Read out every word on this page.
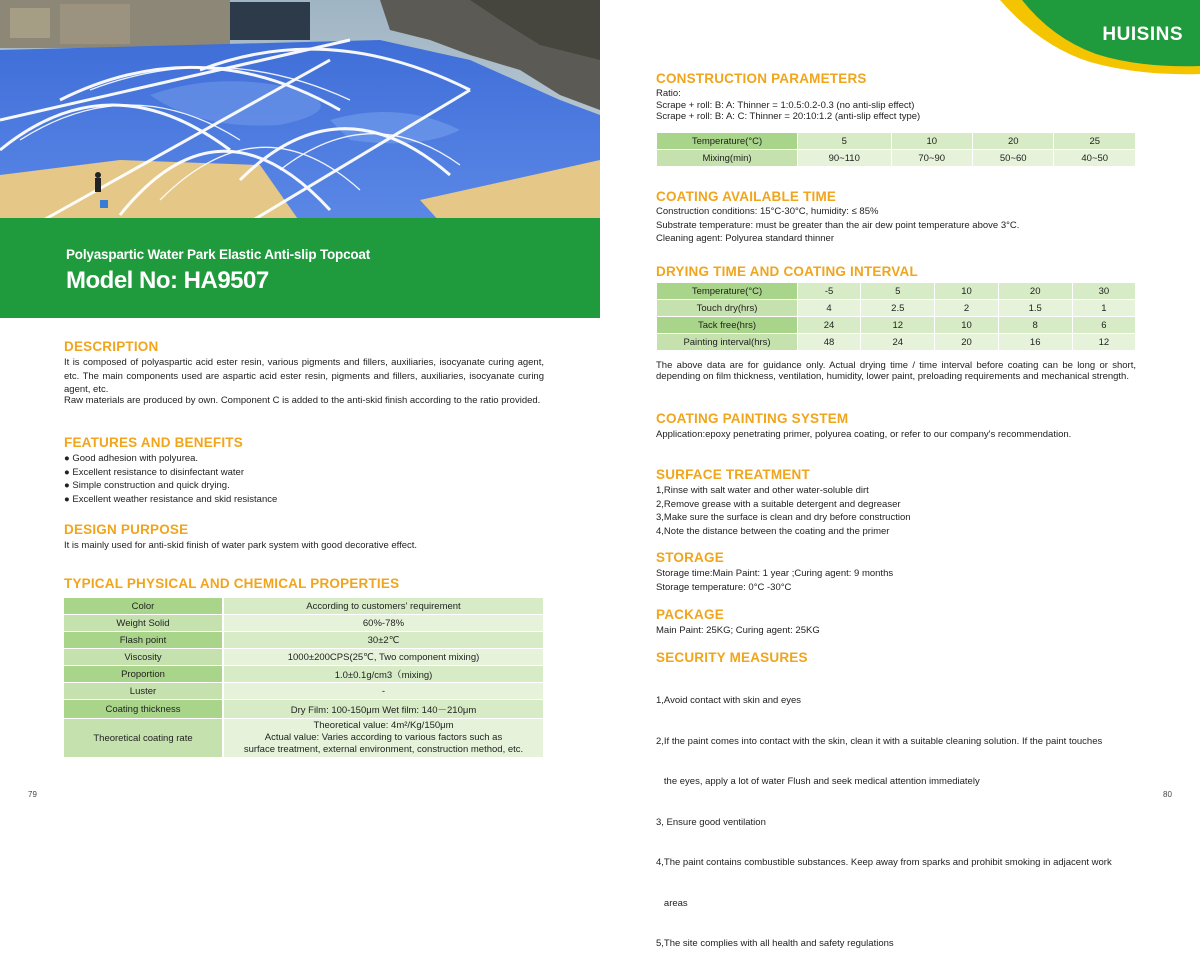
Polyaspartic Water Park Elastic Anti-slip Topcoat
Model No: HA9507
DESCRIPTION
It is composed of polyaspartic acid ester resin, various pigments and fillers, auxiliaries, isocyanate curing agent, etc. The main components used are aspartic acid ester resin, pigments and fillers, auxiliaries, isocyanate curing agent, etc.
Raw materials are produced by own. Component C is added to the anti-skid finish according to the ratio provided.
FEATURES AND BENEFITS
● Good adhesion with polyurea.
● Excellent resistance to disinfectant water
● Simple construction and quick drying.
● Excellent weather resistance and skid resistance
DESIGN PURPOSE
It is mainly used for anti-skid finish of water park system with good decorative effect.
TYPICAL PHYSICAL AND CHEMICAL PROPERTIES
Color	According to customers' requirement
Weight Solid	60%-78%
Flash point	30±2℃
Viscosity	1000±200CPS(25℃, Two component mixing)
Proportion	1.0±0.1g/cm3（mixing)
Luster	-
Coating thickness	Dry Film: 100-150μm Wet film: 140－210μm
Theoretical coating rate	Theoretical value: 4m²/Kg/150μm
Actual value: Varies according to various factors such as
surface treatment, external environment, construction method, etc.
79
HUISINS
CONSTRUCTION PARAMETERS
Ratio:
Scrape + roll: B: A: Thinner = 1:0.5:0.2-0.3 (no anti-slip effect)
Scrape + roll: B: A: C: Thinner = 20:10:1.2 (anti-slip effect type)
Temperature(°C)	5	10	20	25
Mixing(min)	90~110	70~90	50~60	40~50
COATING AVAILABLE TIME
Construction conditions: 15°C-30°C, humidity: ≤ 85%
Substrate temperature: must be greater than the air dew point temperature above 3°C.
Cleaning agent: Polyurea standard thinner
DRYING TIME AND COATING INTERVAL
Temperature(°C)	-5	5	10	20	30
Touch dry(hrs)	4	2.5	2	1.5	1
Tack free(hrs)	24	12	10	8	6
Painting interval(hrs)	48	24	20	16	12
The above data are for guidance only. Actual drying time / time interval before coating can be long or short, depending on film thickness, ventilation, humidity, lower paint, preloading requirements and mechanical strength.
COATING PAINTING SYSTEM
Application:epoxy penetrating primer, polyurea coating, or refer to our company's recommendation.
SURFACE TREATMENT
1,Rinse with salt water and other water-soluble dirt
2,Remove grease with a suitable detergent and degreaser
3,Make sure the surface is clean and dry before construction
4,Note the distance between the coating and the primer
STORAGE
Storage time:Main Paint: 1 year ;Curing agent: 9 months
Storage temperature: 0°C -30°C
PACKAGE
Main Paint: 25KG; Curing agent: 25KG
SECURITY MEASURES

1,Avoid contact with skin and eyes

2,If the paint comes into contact with the skin, clean it with a suitable cleaning solution. If the paint touches

the eyes, apply a lot of water Flush and seek medical attention immediately

3, Ensure good ventilation

4,The paint contains combustible substances. Keep away from sparks and prohibit smoking in adjacent work

areas

5,The site complies with all health and safety regulations

80
